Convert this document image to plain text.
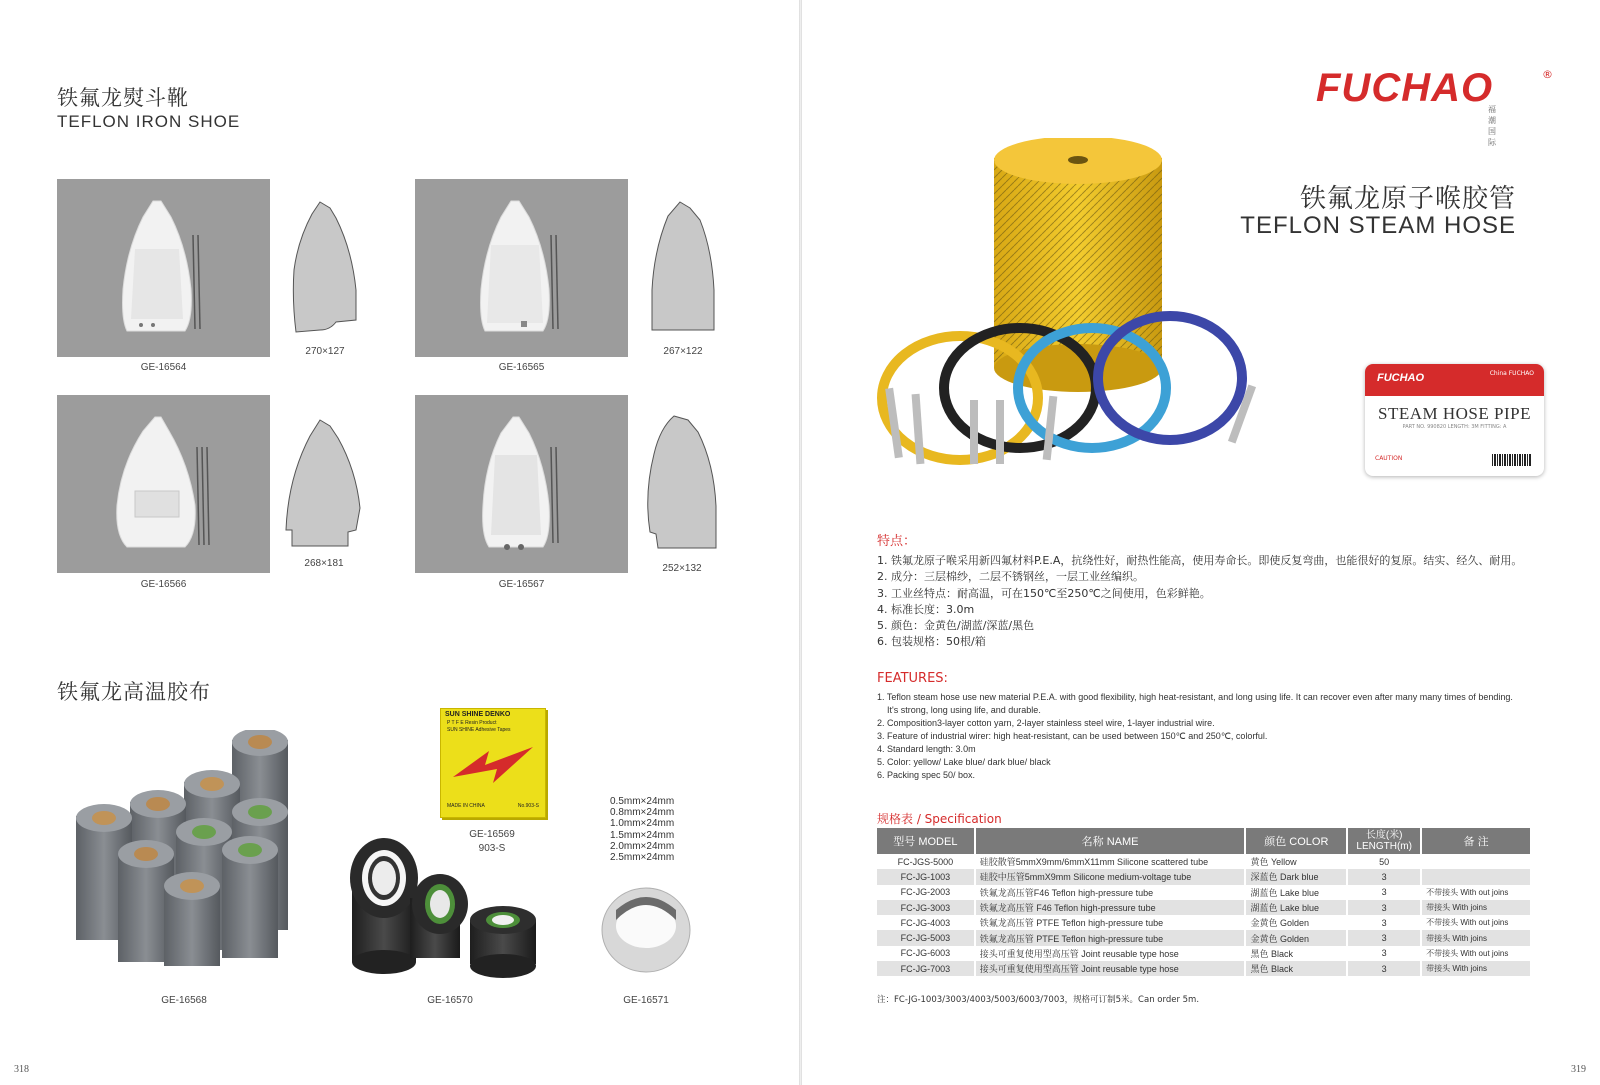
铁氟龙熨斗靴
TEFLON IRON SHOE
GE-16564
270×127
GE-16565
267×122
GE-16566
268×181
GE-16567
252×132
铁氟龙高温胶布
GE-16568
SUN SHINE DENKO
P T F E Resin Product
SUN SHINE Adhesive Tapes
MADE IN CHINA	No.903-S
GE-16569
903-S
GE-16570
0.5mm×24mm
0.8mm×24mm
1.0mm×24mm
1.5mm×24mm
2.0mm×24mm
2.5mm×24mm
GE-16571
318
FUCHAO	®
福潮国际
铁氟龙原子喉胶管
TEFLON STEAM HOSE
FUCHAO	China FUCHAO
STEAM HOSE PIPE
PART NO. 990820 LENGTH: 3M FITTING: A
CAUTION
特点：
1. 铁氟龙原子喉采用新四氟材料P.E.A，抗绕性好，耐热性能高，使用寿命长。即使反复弯曲，也能很好的复原。结实、经久、耐用。
2. 成分：三层棉纱，二层不锈钢丝，一层工业丝编织。
3. 工业丝特点：耐高温，可在150℃至250℃之间使用，色彩鲜艳。
4. 标准长度：3.0m
5. 颜色：金黄色/湖蓝/深蓝/黑色
6. 包装规格：50根/箱
FEATURES:
1. Teflon steam hose use new material P.E.A. with good flexibility, high heat-resistant, and long using life. It can recover even after many many times of bending.
It's strong, long using life, and durable.
2. Composition3-layer cotton yarn, 2-layer stainless steel wire, 1-layer industrial wire.
3. Feature of industrial wirer: high heat-resistant, can be used between 150℃ and 250℃, colorful.
4. Standard length: 3.0m
5. Color: yellow/ Lake blue/ dark blue/ black
6. Packing spec 50/ box.
规格表 / Specification
型号 MODEL	名称 NAME	颜色 COLOR	长度(米)
LENGTH(m)	备 注
FC-JGS-5000	硅胶散管5mmX9mm/6mmX11mm Silicone scattered tube	黄色 Yellow	50	
FC-JG-1003	硅胶中压管5mmX9mm Silicone medium-voltage tube	深蓝色 Dark blue	3	
FC-JG-2003	铁氟龙高压管F46 Teflon high-pressure tube	湖蓝色 Lake blue	3	不带接头 With out joins
FC-JG-3003	铁氟龙高压管 F46 Teflon high-pressure tube	湖蓝色 Lake blue	3	带接头 With joins
FC-JG-4003	铁氟龙高压管 PTFE Teflon high-pressure tube	金黄色 Golden	3	不带接头 With out joins
FC-JG-5003	铁氟龙高压管 PTFE Teflon high-pressure tube	金黄色 Golden	3	带接头 With joins
FC-JG-6003	接头可重复使用型高压管 Joint reusable type hose	黑色 Black	3	不带接头 With out joins
FC-JG-7003	接头可重复使用型高压管 Joint reusable type hose	黑色 Black	3	带接头 With joins
注：FC-JG-1003/3003/4003/5003/6003/7003，规格可订制5米。Can order 5m.
319
